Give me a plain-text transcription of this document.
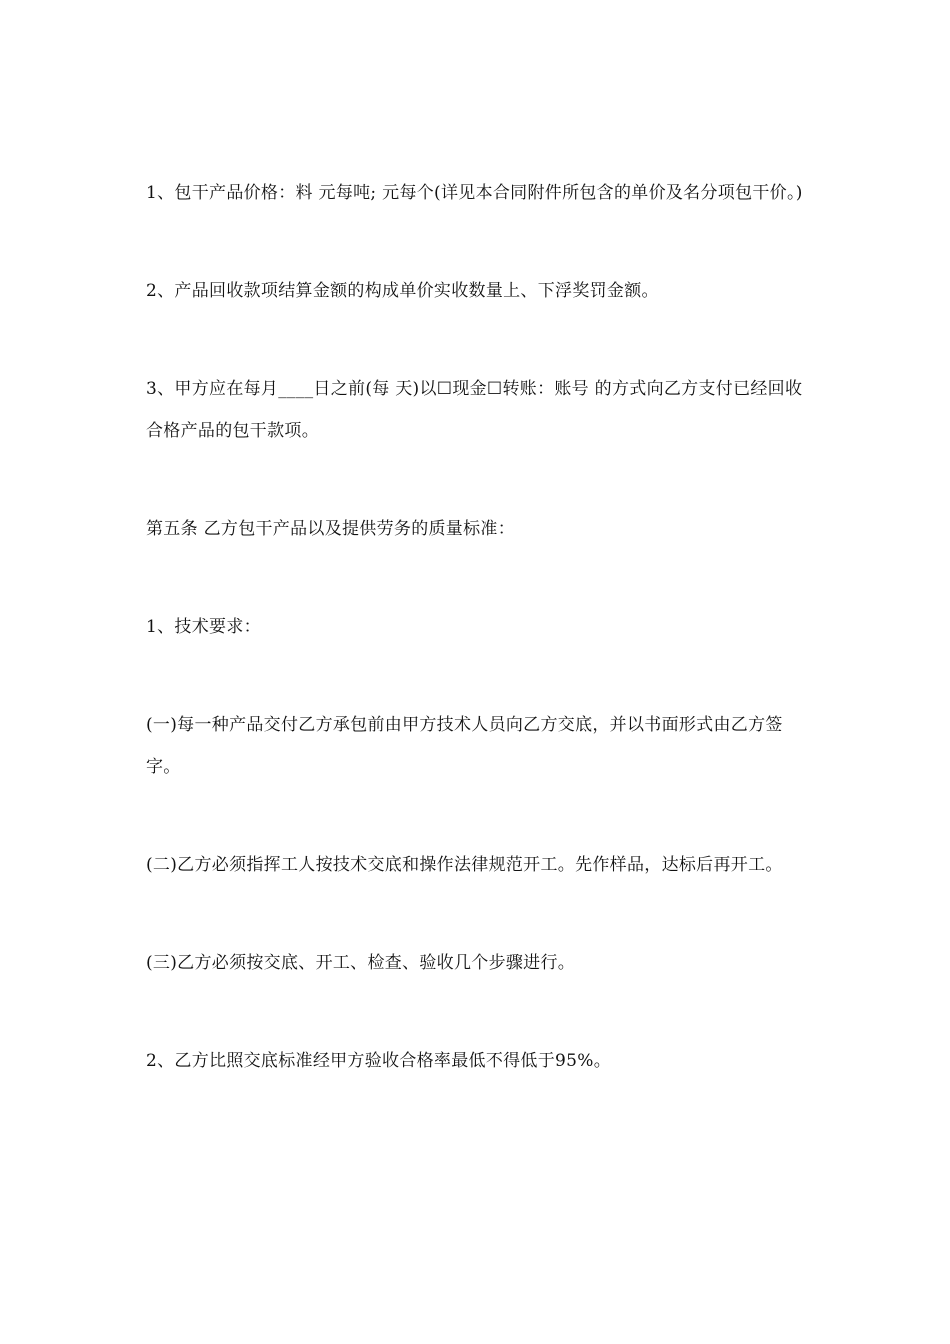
1、包干产品价格：料 元每吨; 元每个(详见本合同附件所包含的单价及名分项包干价。)

2、产品回收款项结算金额的构成单价实收数量上、下浮奖罚金额。

3、甲方应在每月____日之前(每 天)以☐现金☐转账：账号 的方式向乙方支付已经回收合格产品的包干款项。

第五条 乙方包干产品以及提供劳务的质量标准：

1、技术要求：

(一)每一种产品交付乙方承包前由甲方技术人员向乙方交底，并以书面形式由乙方签字。

(二)乙方必须指挥工人按技术交底和操作法律规范开工。先作样品，达标后再开工。

(三)乙方必须按交底、开工、检查、验收几个步骤进行。

2、乙方比照交底标准经甲方验收合格率最低不得低于95%。
